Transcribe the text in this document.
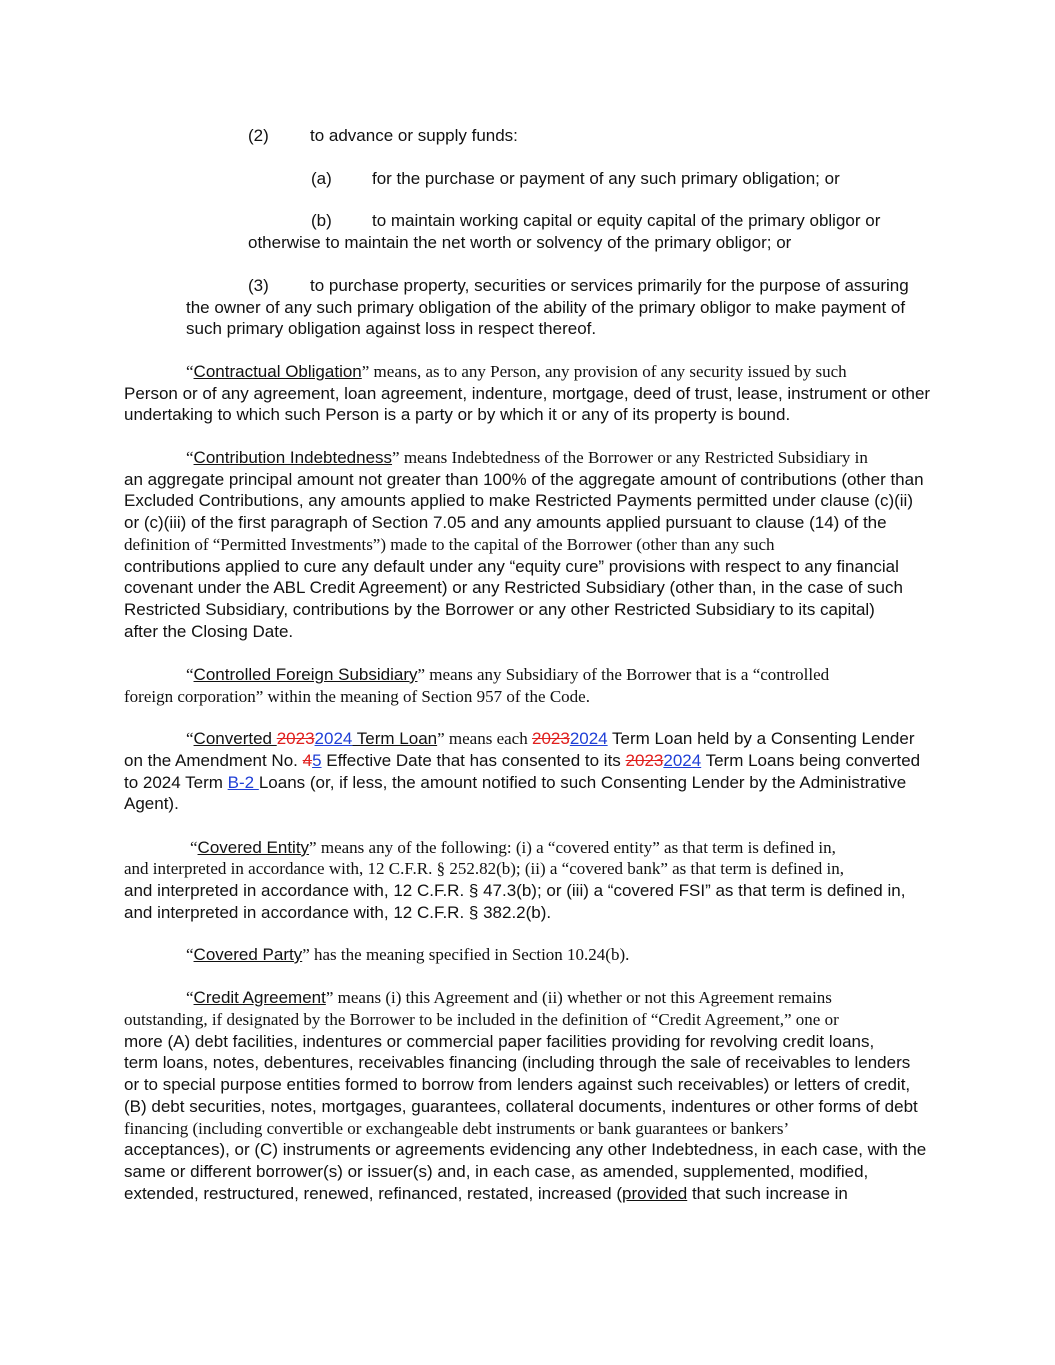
(2) to advance or supply funds:
(a) for the purchase or payment of any such primary obligation; or
(b) to maintain working capital or equity capital of the primary obligor or
otherwise to maintain the net worth or solvency of the primary obligor; or
(3) to purchase property, securities or services primarily for the purpose of assuring
the owner of any such primary obligation of the ability of the primary obligor to make payment of
such primary obligation against loss in respect thereof.
“Contractual Obligation” means, as to any Person, any provision of any security issued by such
Person or of any agreement, loan agreement, indenture, mortgage, deed of trust, lease, instrument or other
undertaking to which such Person is a party or by which it or any of its property is bound.
“Contribution Indebtedness” means Indebtedness of the Borrower or any Restricted Subsidiary in
an aggregate principal amount not greater than 100% of the aggregate amount of contributions (other than
Excluded Contributions, any amounts applied to make Restricted Payments permitted under clause (c)(ii)
or (c)(iii) of the first paragraph of Section 7.05 and any amounts applied pursuant to clause (14) of the
definition of “Permitted Investments”) made to the capital of the Borrower (other than any such
contributions applied to cure any default under any “equity cure” provisions with respect to any financial
covenant under the ABL Credit Agreement) or any Restricted Subsidiary (other than, in the case of such
Restricted Subsidiary, contributions by the Borrower or any other Restricted Subsidiary to its capital)
after the Closing Date.
“Controlled Foreign Subsidiary” means any Subsidiary of the Borrower that is a “controlled
foreign corporation” within the meaning of Section 957 of the Code.
“Converted 20232024 Term Loan” means each 20232024 Term Loan held by a Consenting Lender
on the Amendment No. 45 Effective Date that has consented to its 20232024 Term Loans being converted
to 2024 Term B-2 Loans (or, if less, the amount notified to such Consenting Lender by the Administrative
Agent).
“Covered Entity” means any of the following: (i) a “covered entity” as that term is defined in,
and interpreted in accordance with, 12 C.F.R. § 252.82(b); (ii) a “covered bank” as that term is defined in,
and interpreted in accordance with, 12 C.F.R. § 47.3(b); or (iii) a “covered FSI” as that term is defined in,
and interpreted in accordance with, 12 C.F.R. § 382.2(b).
“Covered Party” has the meaning specified in Section 10.24(b).
“Credit Agreement” means (i) this Agreement and (ii) whether or not this Agreement remains
outstanding, if designated by the Borrower to be included in the definition of “Credit Agreement,” one or
more (A) debt facilities, indentures or commercial paper facilities providing for revolving credit loans,
term loans, notes, debentures, receivables financing (including through the sale of receivables to lenders
or to special purpose entities formed to borrow from lenders against such receivables) or letters of credit,
(B) debt securities, notes, mortgages, guarantees, collateral documents, indentures or other forms of debt
financing (including convertible or exchangeable debt instruments or bank guarantees or bankers’
acceptances), or (C) instruments or agreements evidencing any other Indebtedness, in each case, with the
same or different borrower(s) or issuer(s) and, in each case, as amended, supplemented, modified,
extended, restructured, renewed, refinanced, restated, increased (provided that such increase in
